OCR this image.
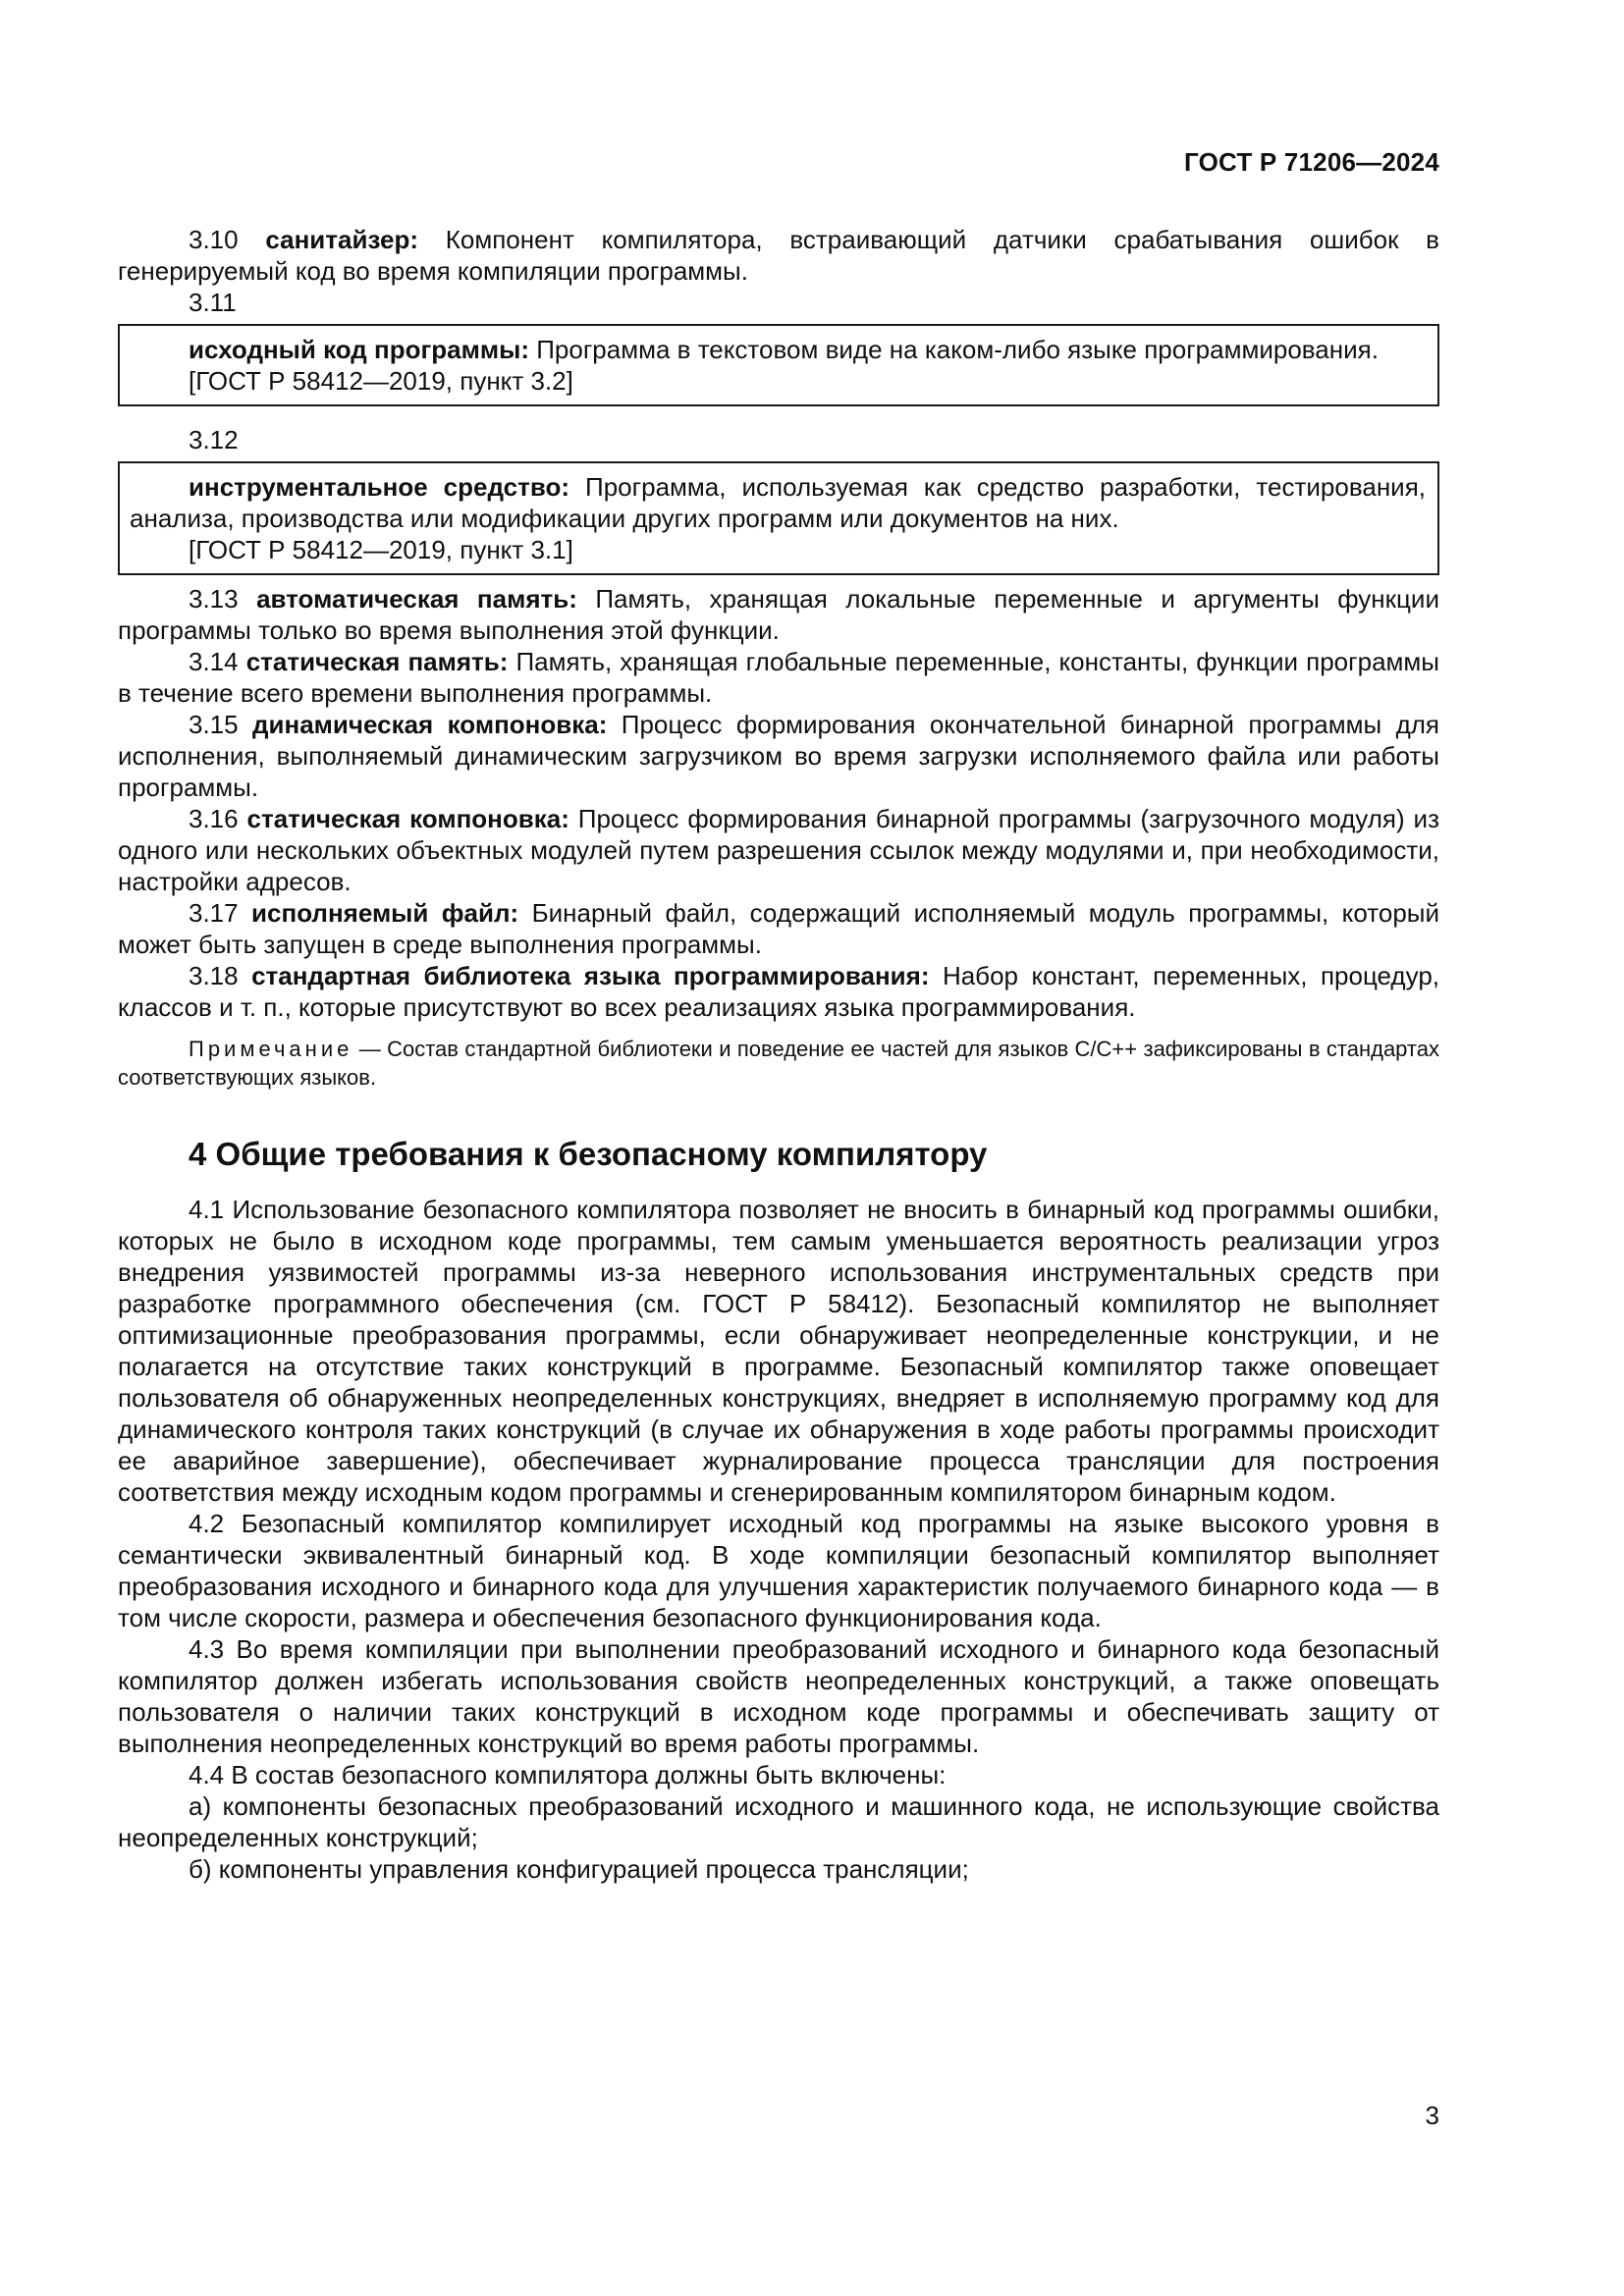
ГОСТ Р 71206—2024

3.10 санитайзер: Компонент компилятора, встраивающий датчики срабатывания ошибок в генерируемый код во время компиляции программы.

3.11

исходный код программы: Программа в текстовом виде на каком-либо языке программирования.

[ГОСТ Р 58412—2019, пункт 3.2]

3.12

инструментальное средство: Программа, используемая как средство разработки, тестирования, анализа, производства или модификации других программ или документов на них.

[ГОСТ Р 58412—2019, пункт 3.1]

3.13 автоматическая память: Память, хранящая локальные переменные и аргументы функции программы только во время выполнения этой функции.

3.14 статическая память: Память, хранящая глобальные переменные, константы, функции программы в течение всего времени выполнения программы.

3.15 динамическая компоновка: Процесс формирования окончательной бинарной программы для исполнения, выполняемый динамическим загрузчиком во время загрузки исполняемого файла или работы программы.

3.16 статическая компоновка: Процесс формирования бинарной программы (загрузочного модуля) из одного или нескольких объектных модулей путем разрешения ссылок между модулями и, при необходимости, настройки адресов.

3.17 исполняемый файл: Бинарный файл, содержащий исполняемый модуль программы, который может быть запущен в среде выполнения программы.

3.18 стандартная библиотека языка программирования: Набор констант, переменных, процедур, классов и т. п., которые присутствуют во всех реализациях языка программирования.

Примечание — Состав стандартной библиотеки и поведение ее частей для языков С/С++ зафиксированы в стандартах соответствующих языков.

4 Общие требования к безопасному компилятору

4.1 Использование безопасного компилятора позволяет не вносить в бинарный код программы ошибки, которых не было в исходном коде программы, тем самым уменьшается вероятность реализации угроз внедрения уязвимостей программы из-за неверного использования инструментальных средств при разработке программного обеспечения (см. ГОСТ Р 58412). Безопасный компилятор не выполняет оптимизационные преобразования программы, если обнаруживает неопределенные конструкции, и не полагается на отсутствие таких конструкций в программе. Безопасный компилятор также оповещает пользователя об обнаруженных неопределенных конструкциях, внедряет в исполняемую программу код для динамического контроля таких конструкций (в случае их обнаружения в ходе работы программы происходит ее аварийное завершение), обеспечивает журналирование процесса трансляции для построения соответствия между исходным кодом программы и сгенерированным компилятором бинарным кодом.

4.2 Безопасный компилятор компилирует исходный код программы на языке высокого уровня в семантически эквивалентный бинарный код. В ходе компиляции безопасный компилятор выполняет преобразования исходного и бинарного кода для улучшения характеристик получаемого бинарного кода — в том числе скорости, размера и обеспечения безопасного функционирования кода.

4.3 Во время компиляции при выполнении преобразований исходного и бинарного кода безопасный компилятор должен избегать использования свойств неопределенных конструкций, а также оповещать пользователя о наличии таких конструкций в исходном коде программы и обеспечивать защиту от выполнения неопределенных конструкций во время работы программы.

4.4 В состав безопасного компилятора должны быть включены:

а) компоненты безопасных преобразований исходного и машинного кода, не использующие свойства неопределенных конструкций;

б) компоненты управления конфигурацией процесса трансляции;

3
